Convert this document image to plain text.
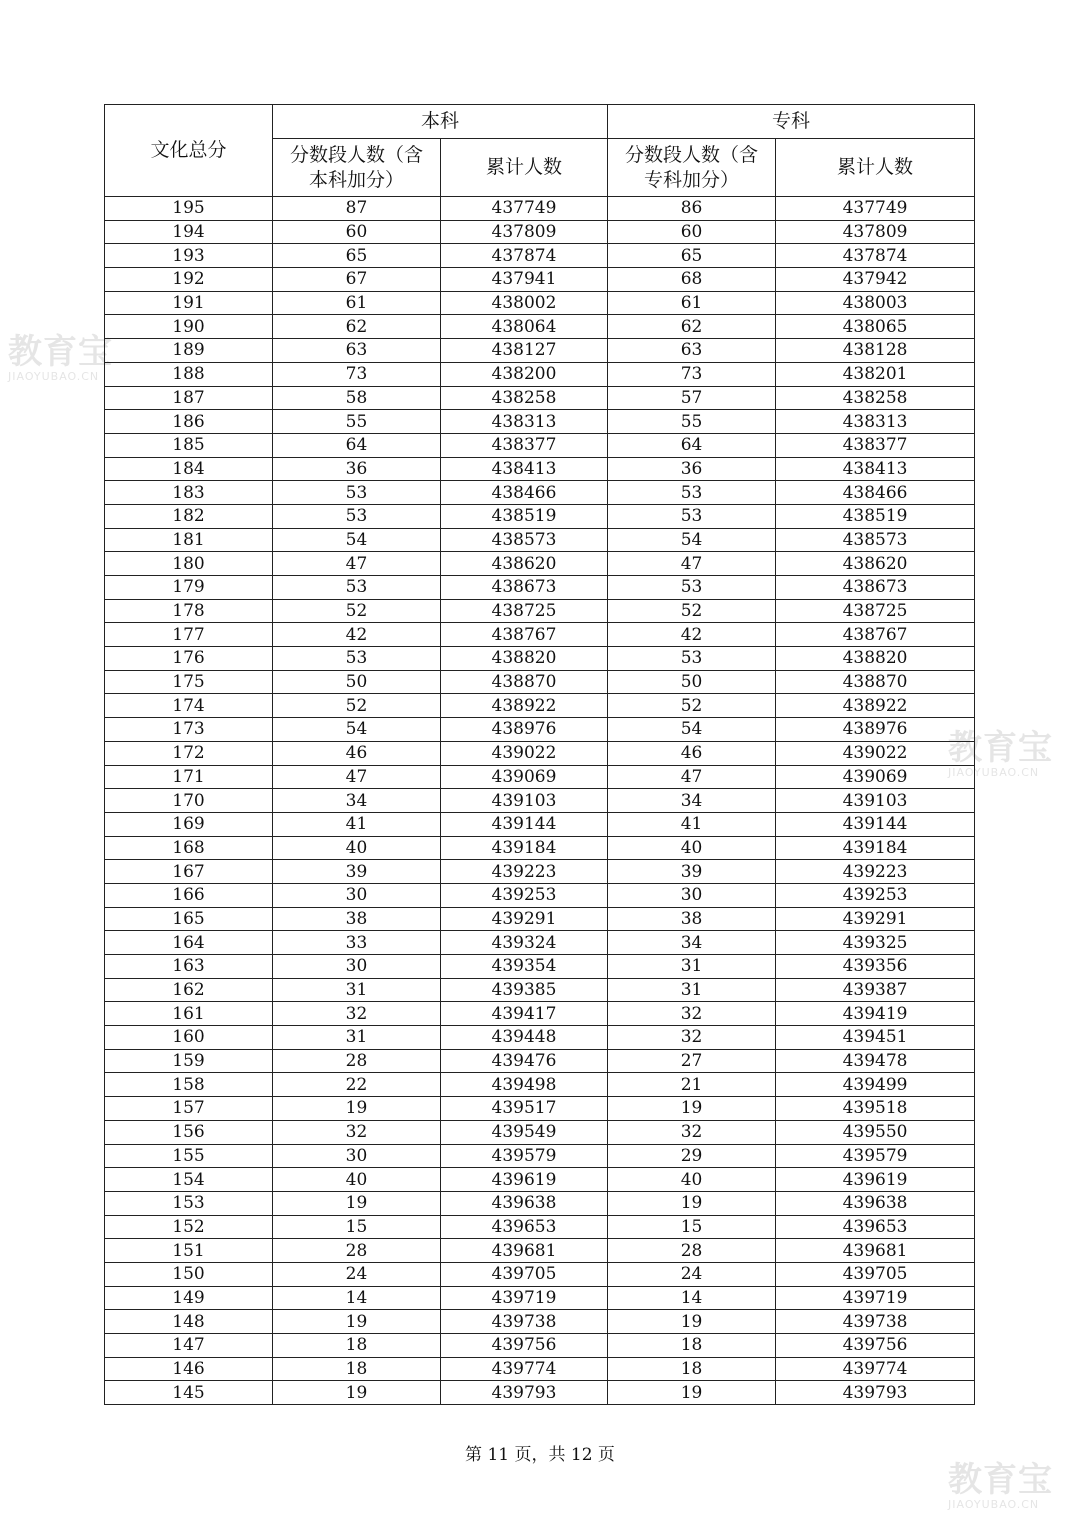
教育宝
JIAOYUBAO.CN
教育宝
JIAOYUBAO.CN
教育宝
JIAOYUBAO.CN
文化总分	本科		专科	

	分数段人数（含本科加分）	累计人数	分数段人数（含专科加分）	累计人数
195	87	437749	86	437749
194	60	437809	60	437809
193	65	437874	65	437874
192	67	437941	68	437942
191	61	438002	61	438003
190	62	438064	62	438065
189	63	438127	63	438128
188	73	438200	73	438201
187	58	438258	57	438258
186	55	438313	55	438313
185	64	438377	64	438377
184	36	438413	36	438413
183	53	438466	53	438466
182	53	438519	53	438519
181	54	438573	54	438573
180	47	438620	47	438620
179	53	438673	53	438673
178	52	438725	52	438725
177	42	438767	42	438767
176	53	438820	53	438820
175	50	438870	50	438870
174	52	438922	52	438922
173	54	438976	54	438976
172	46	439022	46	439022
171	47	439069	47	439069
170	34	439103	34	439103
169	41	439144	41	439144
168	40	439184	40	439184
167	39	439223	39	439223
166	30	439253	30	439253
165	38	439291	38	439291
164	33	439324	34	439325
163	30	439354	31	439356
162	31	439385	31	439387
161	32	439417	32	439419
160	31	439448	32	439451
159	28	439476	27	439478
158	22	439498	21	439499
157	19	439517	19	439518
156	32	439549	32	439550
155	30	439579	29	439579
154	40	439619	40	439619
153	19	439638	19	439638
152	15	439653	15	439653
151	28	439681	28	439681
150	24	439705	24	439705
149	14	439719	14	439719
148	19	439738	19	439738
147	18	439756	18	439756
146	18	439774	18	439774
145	19	439793	19	439793
第 11 页，共 12 页
